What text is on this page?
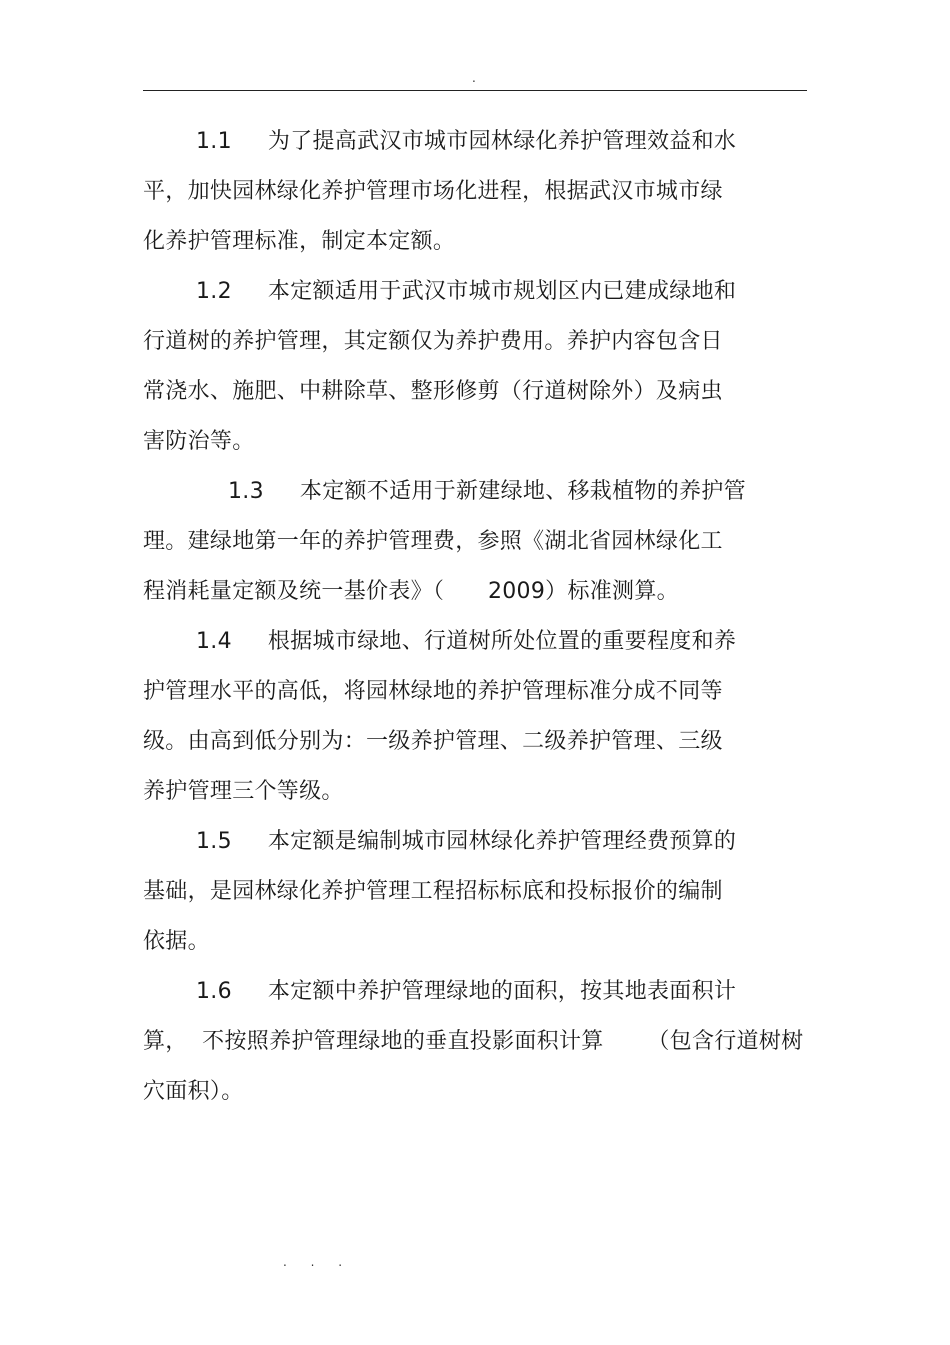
.
1.1 为了提高武汉市城市园林绿化养护管理效益和水
平，加快园林绿化养护管理市场化进程，根据武汉市城市绿
化养护管理标准，制定本定额。
1.2 本定额适用于武汉市城市规划区内已建成绿地和
行道树的养护管理，其定额仅为养护费用。养护内容包含日
常浇水、施肥、中耕除草、整形修剪（行道树除外）及病虫
害防治等。
1.3 本定额不适用于新建绿地、移栽植物的养护管
理。建绿地第一年的养护管理费，参照《湖北省园林绿化工
程消耗量定额及统一基价表》（      2009）标准测算。
1.4 根据城市绿地、行道树所处位置的重要程度和养
护管理水平的高低，将园林绿地的养护管理标准分成不同等
级。由高到低分别为：一级养护管理、二级养护管理、三级
养护管理三个等级。
1.5 本定额是编制城市园林绿化养护管理经费预算的
基础，是园林绿化养护管理工程招标标底和投标报价的编制
依据。
1.6 本定额中养护管理绿地的面积，按其地表面积计
算，  不按照养护管理绿地的垂直投影面积计算      （包含行道树树
穴面积）。
. . .
